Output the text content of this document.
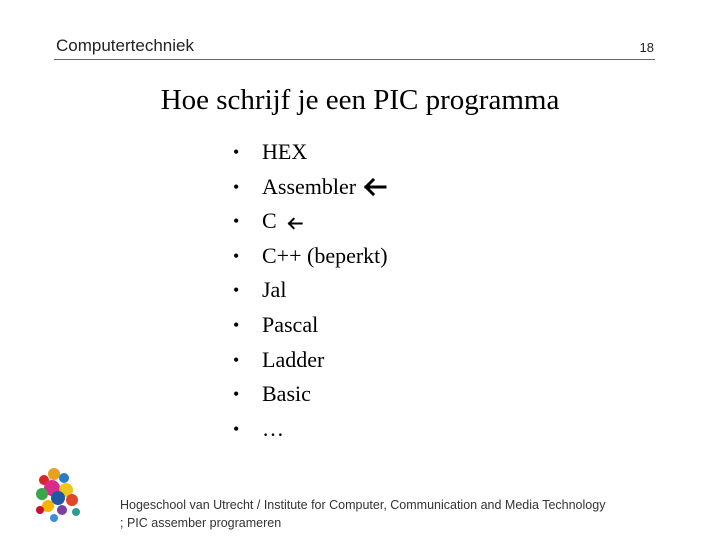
Computertechniek	18
Hoe schrijf je een PIC programma
• HEX
• Assembler
• C
• C++ (beperkt)
• Jal
• Pascal
• Ladder
• Basic
• …
Hogeschool van Utrecht / Institute for Computer, Communication and Media Technology
; PIC assember programeren
